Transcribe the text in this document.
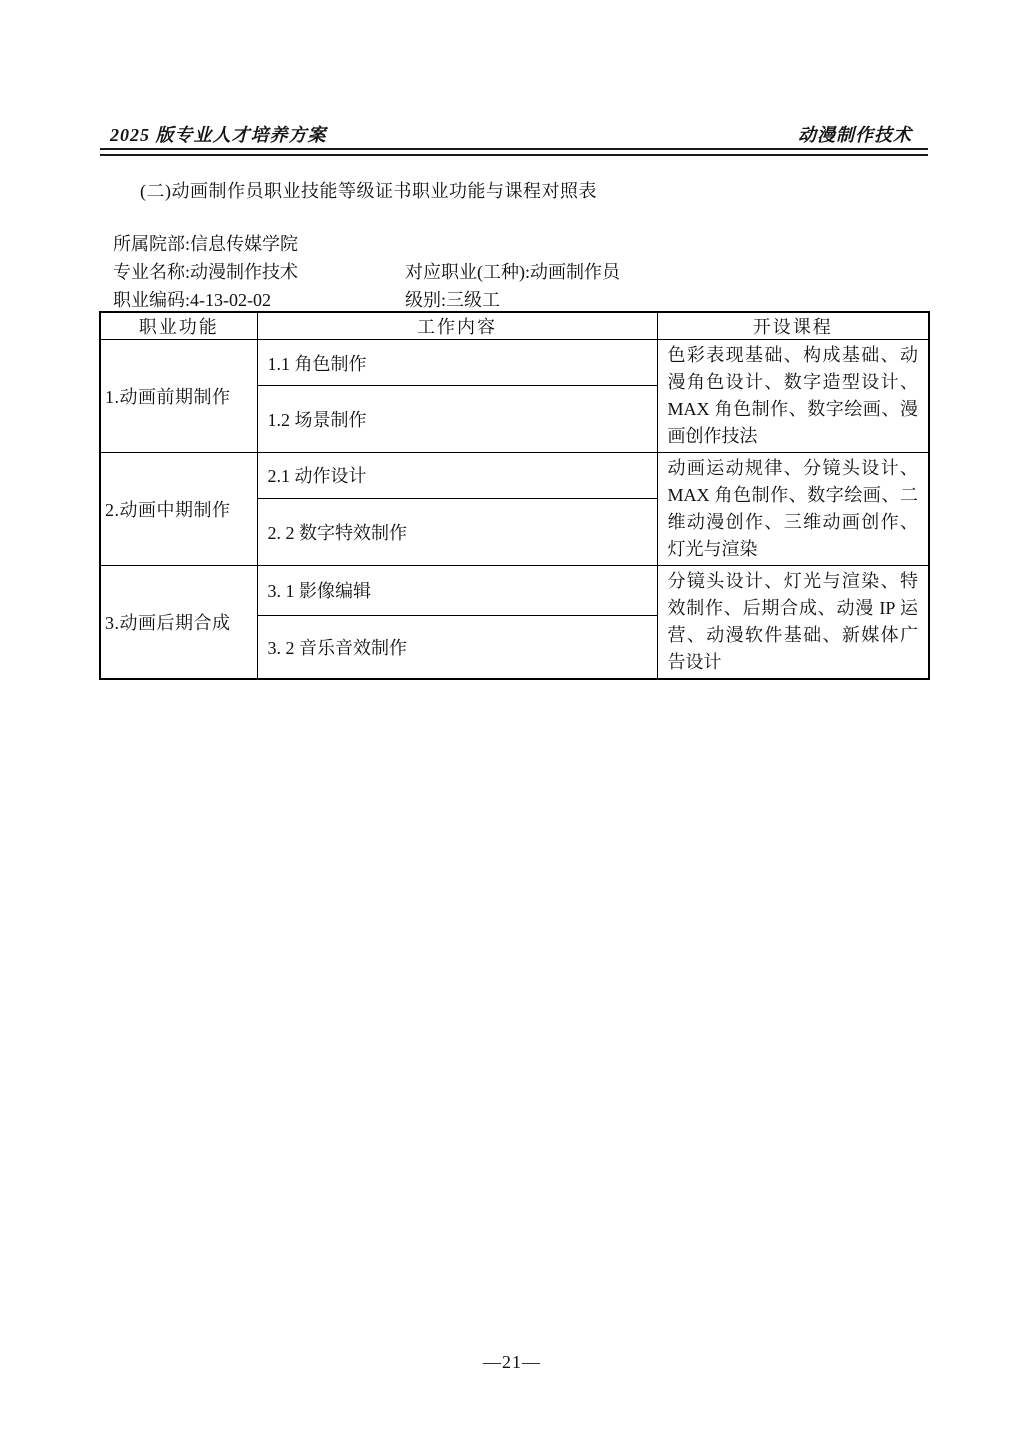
2025 版专业人才培养方案	动漫制作技术
(二)动画制作员职业技能等级证书职业功能与课程对照表
所属院部:信息传媒学院
专业名称:动漫制作技术	对应职业(工种):动画制作员
职业编码:4-13-02-02	级别:三级工
职业功能	工作内容	开设课程
1.动画前期制作	1.1 角色制作	色彩表现基础、构成基础、动漫角色设计、数字造型设计、MAX 角色制作、数字绘画、漫画创作技法
	1.2 场景制作	
2.动画中期制作	2.1 动作设计	动画运动规律、分镜头设计、MAX 角色制作、数字绘画、二维动漫创作、三维动画创作、灯光与渲染
	2. 2 数字特效制作	
3.动画后期合成	3. 1 影像编辑	分镜头设计、灯光与渲染、特效制作、后期合成、动漫 IP 运营、动漫软件基础、新媒体广告设计
	3. 2 音乐音效制作	
—21—
